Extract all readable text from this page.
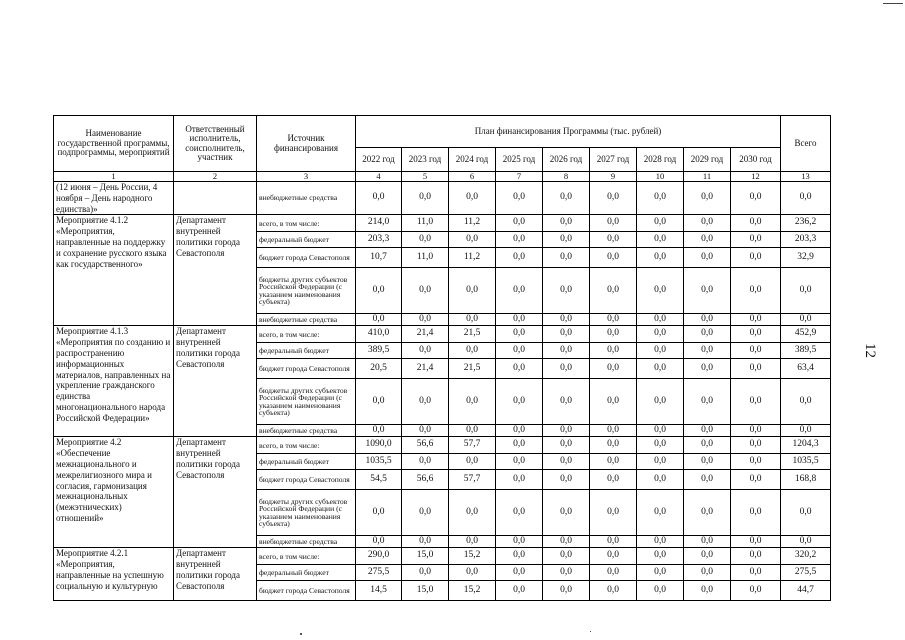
12
Наименование государственной программы, подпрограммы, мероприятий	Ответственный исполнитель, соисполнитель, участник	Источник финансирования	План финансирования Программы (тыс. рублей)									Всего
			2022 год	2023 год	2024 год	2025 год	2026 год	2027 год	2028 год	2029 год	2030 год	
1	2	3	4	5	6	7	8	9	10	11	12	13
(12 июня – День России, 4 ноября – День народного единства)»		внебюджетные средства	0,0	0,0	0,0	0,0	0,0	0,0	0,0	0,0	0,0	0,0
Мероприятие 4.1.2 «Мероприятия, направленные на поддержку и сохранение русского языка как государственного»	Департамент внутренней политики города Севастополя	всего, в том числе:	214,0	11,0	11,2	0,0	0,0	0,0	0,0	0,0	0,0	236,2
		федеральный бюджет	203,3	0,0	0,0	0,0	0,0	0,0	0,0	0,0	0,0	203,3
		бюджет города Севастополя	10,7	11,0	11,2	0,0	0,0	0,0	0,0	0,0	0,0	32,9
		бюджеты других субъектов Российской Федерации (с указанием наименования субъекта)	0,0	0,0	0,0	0,0	0,0	0,0	0,0	0,0	0,0	0,0
		внебюджетные средства	0,0	0,0	0,0	0,0	0,0	0,0	0,0	0,0	0,0	0,0
Мероприятие 4.1.3 «Мероприятия по созданию и распространению информационных материалов, направленных на укрепление гражданского единства многонационального народа Российской Федерации»	Департамент внутренней политики города Севастополя	всего, в том числе:	410,0	21,4	21,5	0,0	0,0	0,0	0,0	0,0	0,0	452,9
		федеральный бюджет	389,5	0,0	0,0	0,0	0,0	0,0	0,0	0,0	0,0	389,5
		бюджет города Севастополя	20,5	21,4	21,5	0,0	0,0	0,0	0,0	0,0	0,0	63,4
		бюджеты других субъектов Российской Федерации (с указанием наименования субъекта)	0,0	0,0	0,0	0,0	0,0	0,0	0,0	0,0	0,0	0,0
		внебюджетные средства	0,0	0,0	0,0	0,0	0,0	0,0	0,0	0,0	0,0	0,0
Мероприятие 4.2 «Обеспечение межнационального и межрелигиозного мира и согласия, гармонизация межнациональных (межэтнических) отношений»	Департамент внутренней политики города Севастополя	всего, в том числе:	1090,0	56,6	57,7	0,0	0,0	0,0	0,0	0,0	0,0	1204,3
		федеральный бюджет	1035,5	0,0	0,0	0,0	0,0	0,0	0,0	0,0	0,0	1035,5
		бюджет города Севастополя	54,5	56,6	57,7	0,0	0,0	0,0	0,0	0,0	0,0	168,8
		бюджеты других субъектов Российской Федерации (с указанием наименования субъекта)	0,0	0,0	0,0	0,0	0,0	0,0	0,0	0,0	0,0	0,0
		внебюджетные средства	0,0	0,0	0,0	0,0	0,0	0,0	0,0	0,0	0,0	0,0
Мероприятие 4.2.1 «Мероприятия, направленные на успешную социальную и культурную	Департамент внутренней политики города Севастополя	всего, в том числе:	290,0	15,0	15,2	0,0	0,0	0,0	0,0	0,0	0,0	320,2
		федеральный бюджет	275,5	0,0	0,0	0,0	0,0	0,0	0,0	0,0	0,0	275,5
		бюджет города Севастополя	14,5	15,0	15,2	0,0	0,0	0,0	0,0	0,0	0,0	44,7
